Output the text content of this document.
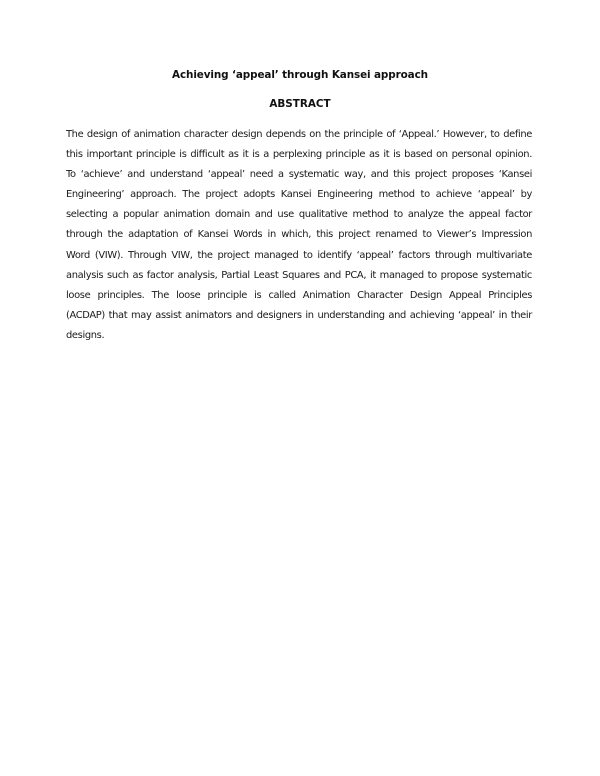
Achieving ‘appeal’ through Kansei approach
ABSTRACT
The design of animation character design depends on the principle of ‘Appeal.’ However, to define
this important principle is difficult as it is a perplexing principle as it is based on personal opinion.
To ‘achieve’ and understand ‘appeal’ need a systematic way, and this project proposes ‘Kansei
Engineering’ approach. The project adopts Kansei Engineering method to achieve ‘appeal’ by
selecting a popular animation domain and use qualitative method to analyze the appeal factor
through the adaptation of Kansei Words in which, this project renamed to Viewer’s Impression
Word (VIW). Through VIW, the project managed to identify ‘appeal’ factors through multivariate
analysis such as factor analysis, Partial Least Squares and PCA, it managed to propose systematic
loose principles. The loose principle is called Animation Character Design Appeal Principles
(ACDAP) that may assist animators and designers in understanding and achieving ‘appeal’ in their
designs.
